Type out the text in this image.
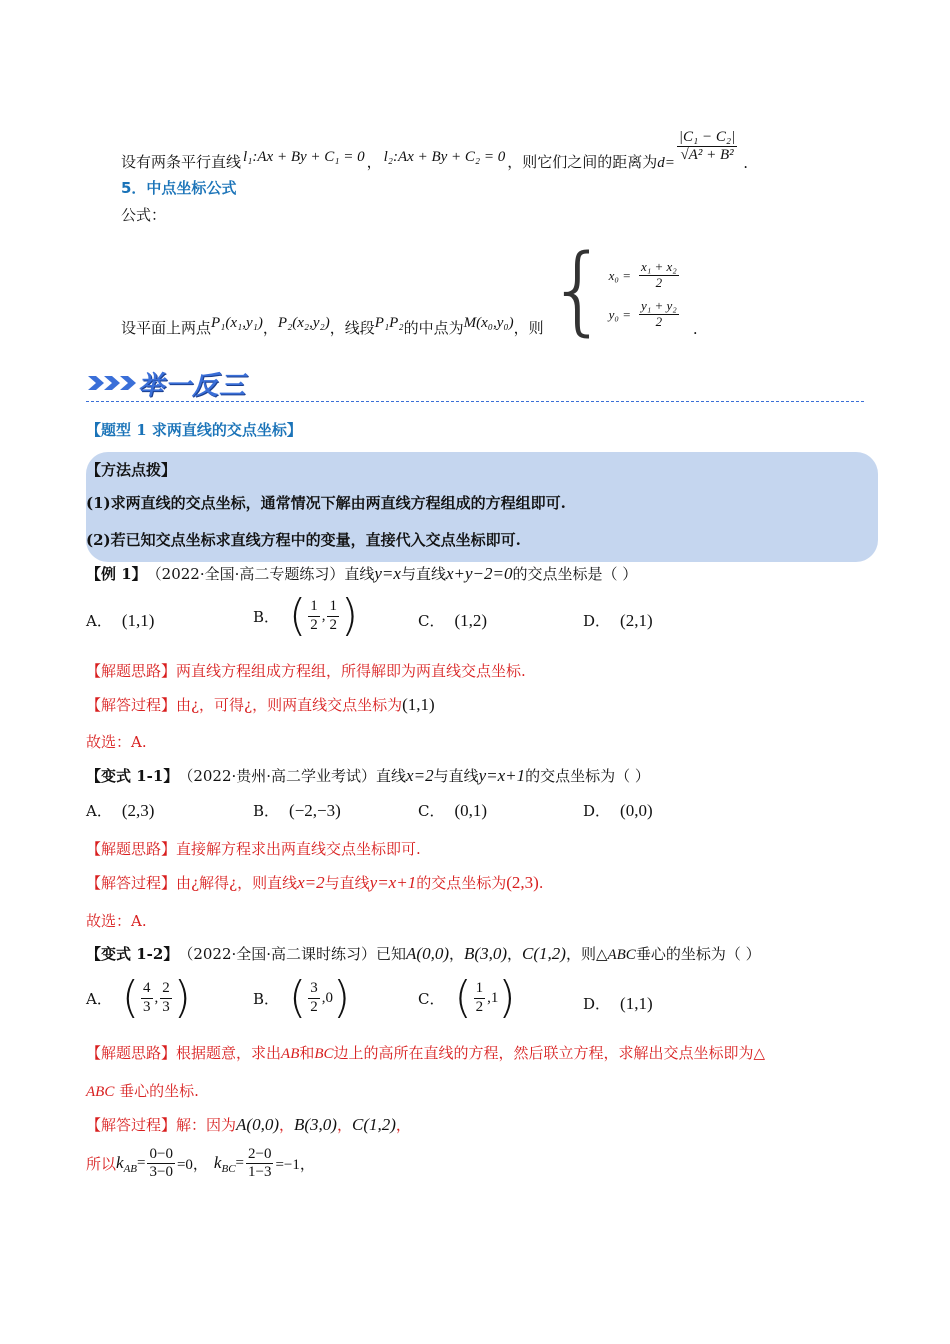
设有两条平行直线 l₁:Ax + By + C₁ = 0 ， l₂:Ax + By + C₂ = 0 ，则它们之间的距离为 $d= \frac{\text{|C₁ − C₂|}}{\text{√A² + B²}}$ .
5．中点坐标公式
公式：
设平面上两点 P₁(x₁,y₁) ， P₂(x₂,y₂) ，线段 P₁P₂ 的中点为 M(x₀,y₀) ，则 { $x_0 = \frac{\text{x₁ + x₂}}{2}$
$y_0 = \frac{\text{y₁ + y₂}}{2}$ .
举一反三
【题型 1 求两直线的交点坐标】
【方法点拨】
(1)求两直线的交点坐标，通常情况下解由两直线方程组成的方程组即可.
(2)若已知交点坐标求直线方程中的变量，直接代入交点坐标即可.
【例 1】 （2022·全国·高二专题练习）直线 y=x 与直线 x+y−2=0 的交点坐标是（ ）
A． (1,1)	B． ( $\frac{1}{2}$ , $\frac{1}{2}$ )	C． (1,2)	D． (2,1)
【解题思路】两直线方程组成方程组，所得解即为两直线交点坐标.
【解答过程】 由¿，可得¿，则两直线交点坐标为 (1,1)
故选：A.
【变式 1-1】 （2022·贵州·高二学业考试）直线 x=2 与直线 y=x+1 的交点坐标为（ ）
A． (2,3)	B． (−2,−3)	C． (0,1)	D． (0,0)
【解题思路】直接解方程求出两直线交点坐标即可.
【解答过程】 由¿解得¿，则直线 x=2 与直线 y=x+1 的交点坐标为 (2,3) .
故选：A.
【变式 1-2】 （2022·全国·高二课时练习）已知 A(0,0) ， B(3,0) ， C(1,2) ，则△ ABC 垂心的坐标为（ ）
A． ( $\frac{4}{3}$ , $\frac{2}{3}$ )	B． ( $\frac{3}{2}$ , 0 )	C． ( $\frac{1}{2}$ , 1 )	D． (1,1)
【解题思路】 根据题意，求出 AB 和 BC 边上的高所在直线的方程，然后联立方程，求解出交点坐标即为△
ABC 垂心的坐标.
【解答过程】 解：因为 A(0,0) ， B(3,0) ， C(1,2) ，
所以 $k_{AB} = \frac{0-0}{3-0} =0$， $k_{BC} = \frac{2-0}{1-3} =-1$，
